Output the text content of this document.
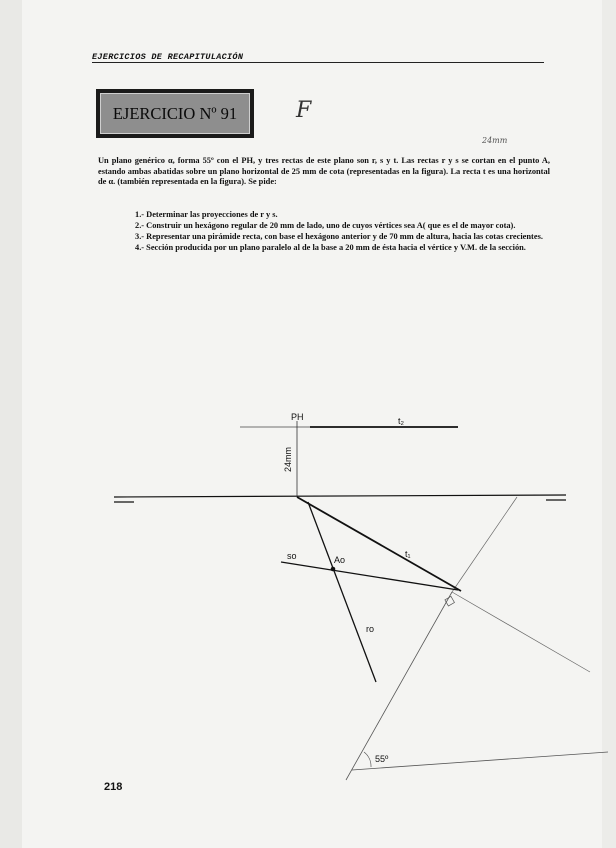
EJERCICIOS DE RECAPITULACIÓN
EJERCICIO Nº 91	F
24mm
Un plano genérico α, forma 55º con el PH, y tres rectas de este plano son r, s y t. Las rectas r y s se cortan en el punto A, estando ambas abatidas sobre un plano horizontal de 25 mm de cota (representadas en la figura). La recta t es una horizontal de α. (también representada en la figura). Se pide:
1.- Determinar las proyecciones de r y s.
2.- Construir un hexágono regular de 20 mm de lado, uno de cuyos vértices sea A( que es el de mayor cota).
3.- Representar una pirámide recta, con base el hexágono anterior y de 70 mm de altura, hacia las cotas crecientes.
4.- Sección producida por un plano paralelo al de la base a 20 mm de ésta hacia el vértice y V.M. de la sección.
PH
24mm
t₂
t₁
so	Ao
ro
55º
218
